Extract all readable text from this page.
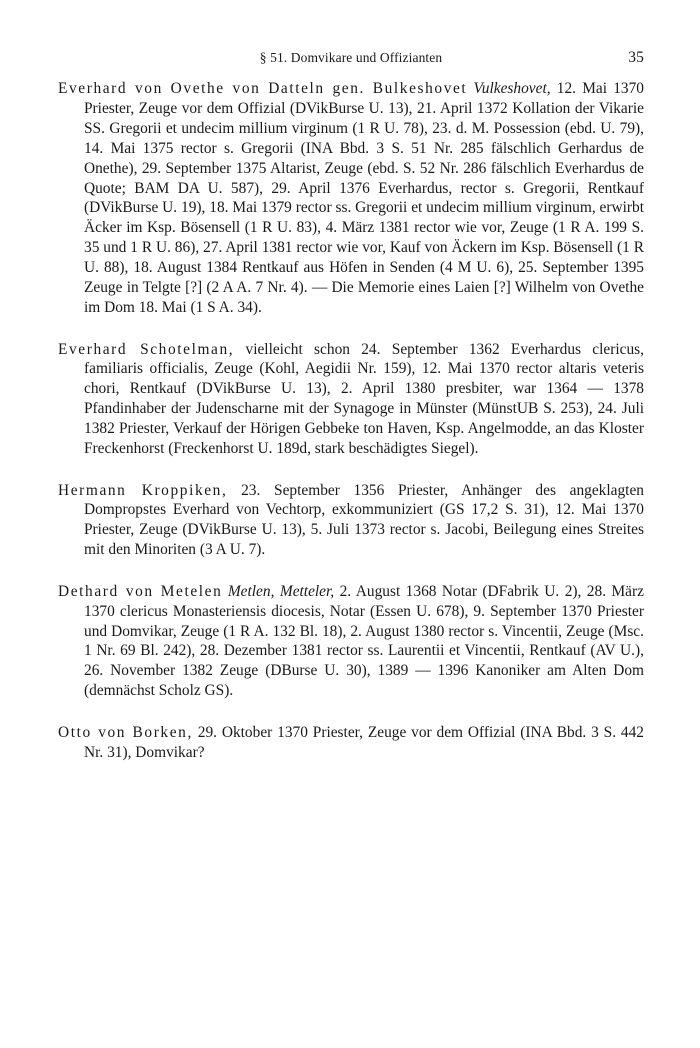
§ 51. Domvikare und Offizianten	35

Everhard von Ovethe von Datteln gen. Bulkeshovet Vulkeshovet, 12. Mai 1370 Priester, Zeuge vor dem Offizial (DVikBurse U. 13), 21. April 1372 Kollation der Vikarie SS. Gregorii et undecim millium virginum (1 R U. 78), 23. d. M. Possession (ebd. U. 79), 14. Mai 1375 rector s. Gregorii (INA Bbd. 3 S. 51 Nr. 285 fälschlich Gerhardus de Onethe), 29. September 1375 Altarist, Zeuge (ebd. S. 52 Nr. 286 fälschlich Everhardus de Quote; BAM DA U. 587), 29. April 1376 Everhardus, rector s. Gregorii, Rentkauf (DVikBurse U. 19), 18. Mai 1379 rector ss. Gregorii et undecim millium virginum, erwirbt Äcker im Ksp. Bösensell (1 R U. 83), 4. März 1381 rector wie vor, Zeuge (1 R A. 199 S. 35 und 1 R U. 86), 27. April 1381 rector wie vor, Kauf von Äckern im Ksp. Bösensell (1 R U. 88), 18. August 1384 Rentkauf aus Höfen in Senden (4 M U. 6), 25. September 1395 Zeuge in Telgte [?] (2 A A. 7 Nr. 4). — Die Memorie eines Laien [?] Wilhelm von Ovethe im Dom 18. Mai (1 S A. 34).

Everhard Schotelman, vielleicht schon 24. September 1362 Everhardus clericus, familiaris officialis, Zeuge (Kohl, Aegidii Nr. 159), 12. Mai 1370 rector altaris veteris chori, Rentkauf (DVikBurse U. 13), 2. April 1380 presbiter, war 1364 — 1378 Pfandinhaber der Judenscharne mit der Synagoge in Münster (MünstUB S. 253), 24. Juli 1382 Priester, Verkauf der Hörigen Gebbeke ton Haven, Ksp. Angelmodde, an das Kloster Freckenhorst (Freckenhorst U. 189d, stark beschädigtes Siegel).

Hermann Kroppiken, 23. September 1356 Priester, Anhänger des angeklagten Dompropstes Everhard von Vechtorp, exkommuniziert (GS 17,2 S. 31), 12. Mai 1370 Priester, Zeuge (DVikBurse U. 13), 5. Juli 1373 rector s. Jacobi, Beilegung eines Streites mit den Minoriten (3 A U. 7).

Dethard von Metelen Metlen, Metteler, 2. August 1368 Notar (DFabrik U. 2), 28. März 1370 clericus Monasteriensis diocesis, Notar (Essen U. 678), 9. September 1370 Priester und Domvikar, Zeuge (1 R A. 132 Bl. 18), 2. August 1380 rector s. Vincentii, Zeuge (Msc. 1 Nr. 69 Bl. 242), 28. Dezember 1381 rector ss. Laurentii et Vincentii, Rentkauf (AV U.), 26. November 1382 Zeuge (DBurse U. 30), 1389 — 1396 Kanoniker am Alten Dom (demnächst Scholz GS).

Otto von Borken, 29. Oktober 1370 Priester, Zeuge vor dem Offizial (INA Bbd. 3 S. 442 Nr. 31), Domvikar?
